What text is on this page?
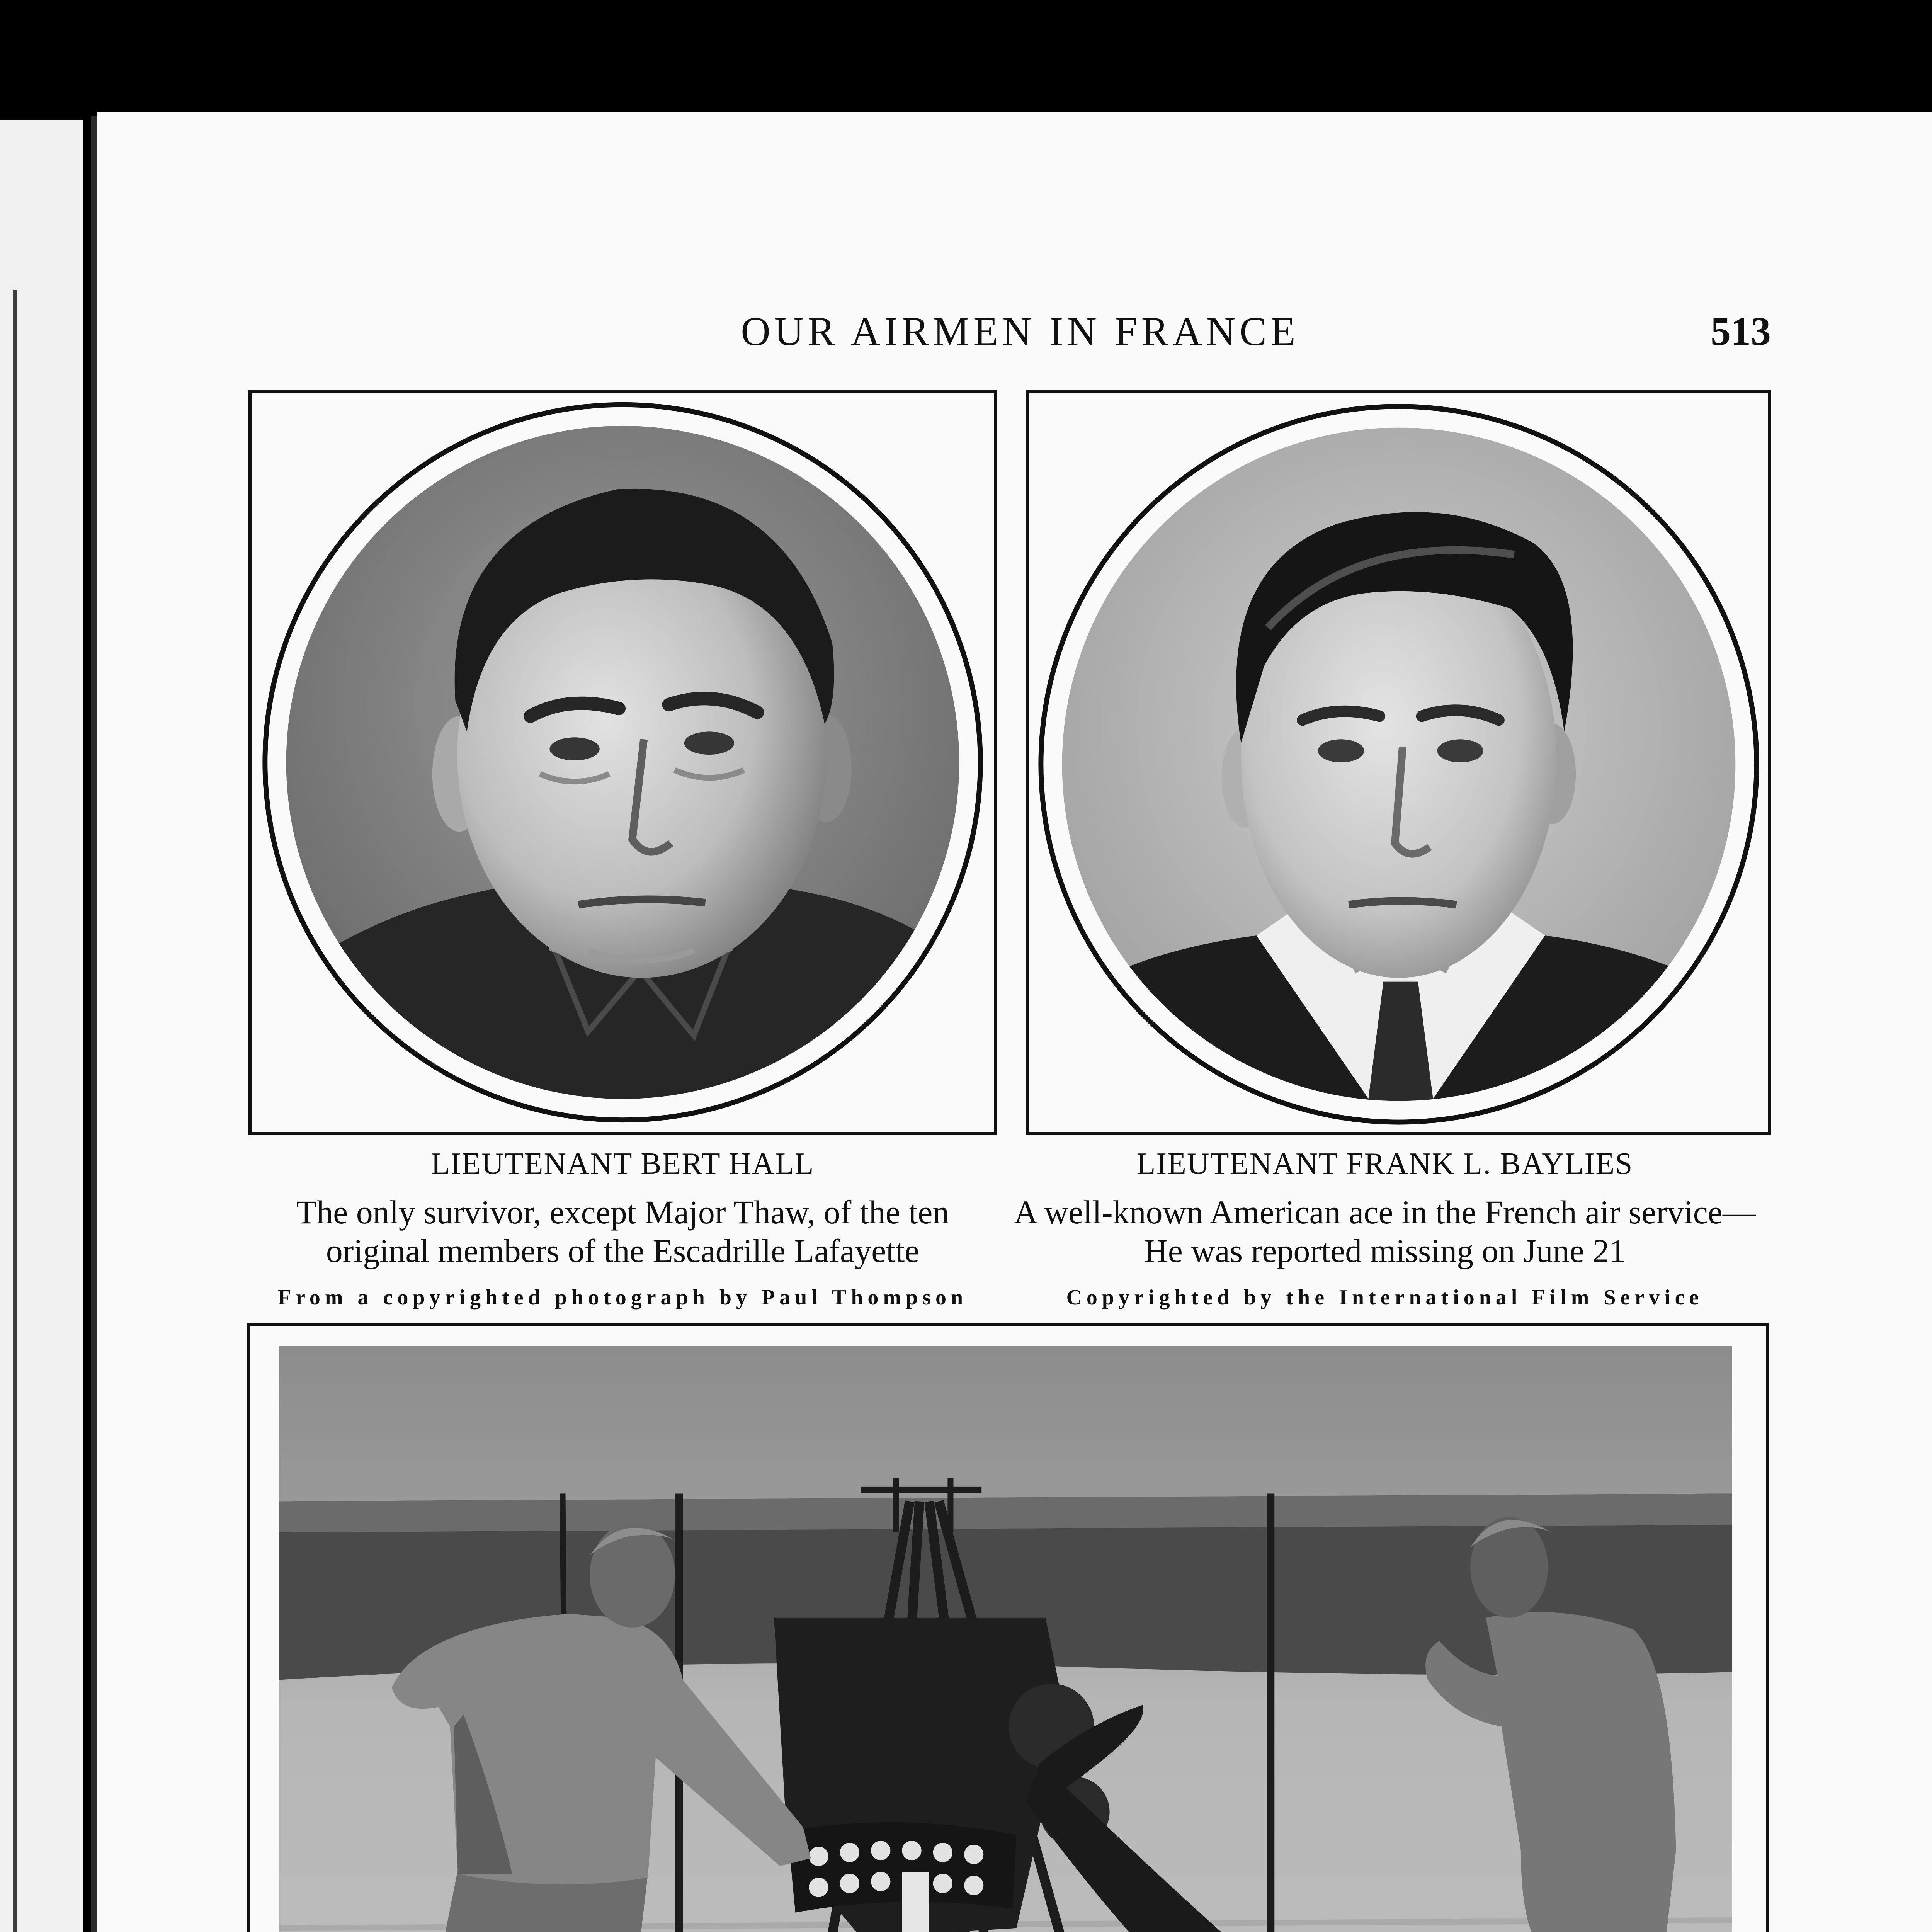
OUR AIRMEN IN FRANCE	513
LIEUTENANT BERT HALL
The only survivor, except Major Thaw, of the ten
original members of the Escadrille Lafayette
From a copyrighted photograph by Paul Thompson
LIEUTENANT FRANK L. BAYLIES
A well-known American ace in the French air service—
He was reported missing on June 21
Copyrighted by the International Film Service
